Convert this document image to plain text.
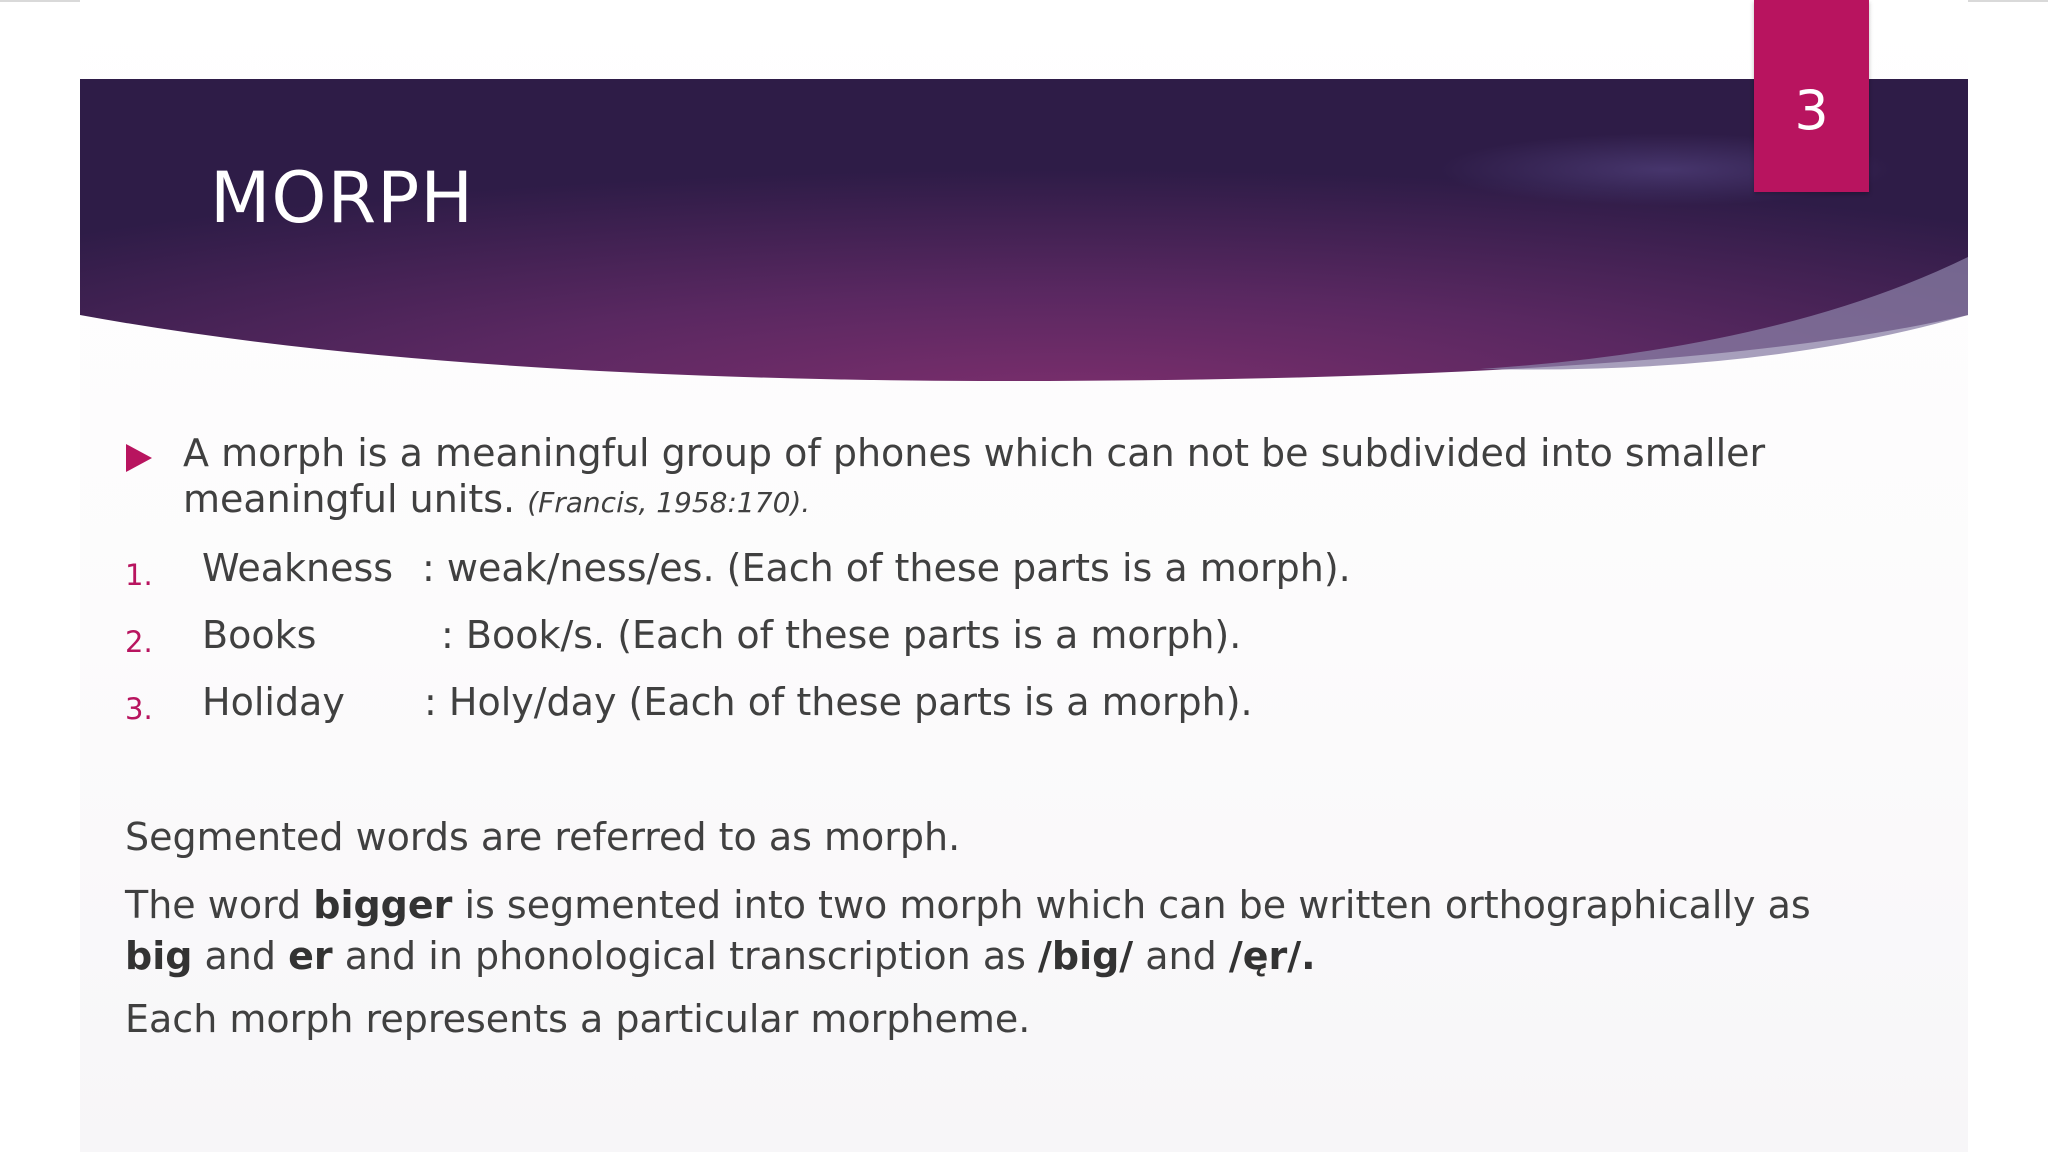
MORPH
3
A morph is a meaningful group of phones which can not be subdivided into smaller meaningful units. (Francis, 1958:170).
1. Weakness : weak/ness/es. (Each of these parts is a morph).
2. Books	: Book/s. (Each of these parts is a morph).
3. Holiday : Holy/day (Each of these parts is a morph).
Segmented words are referred to as morph.
The word bigger is segmented into two morph which can be written orthographically as big and er and in phonological transcription as /big/ and /ęr/.
Each morph represents a particular morpheme.
